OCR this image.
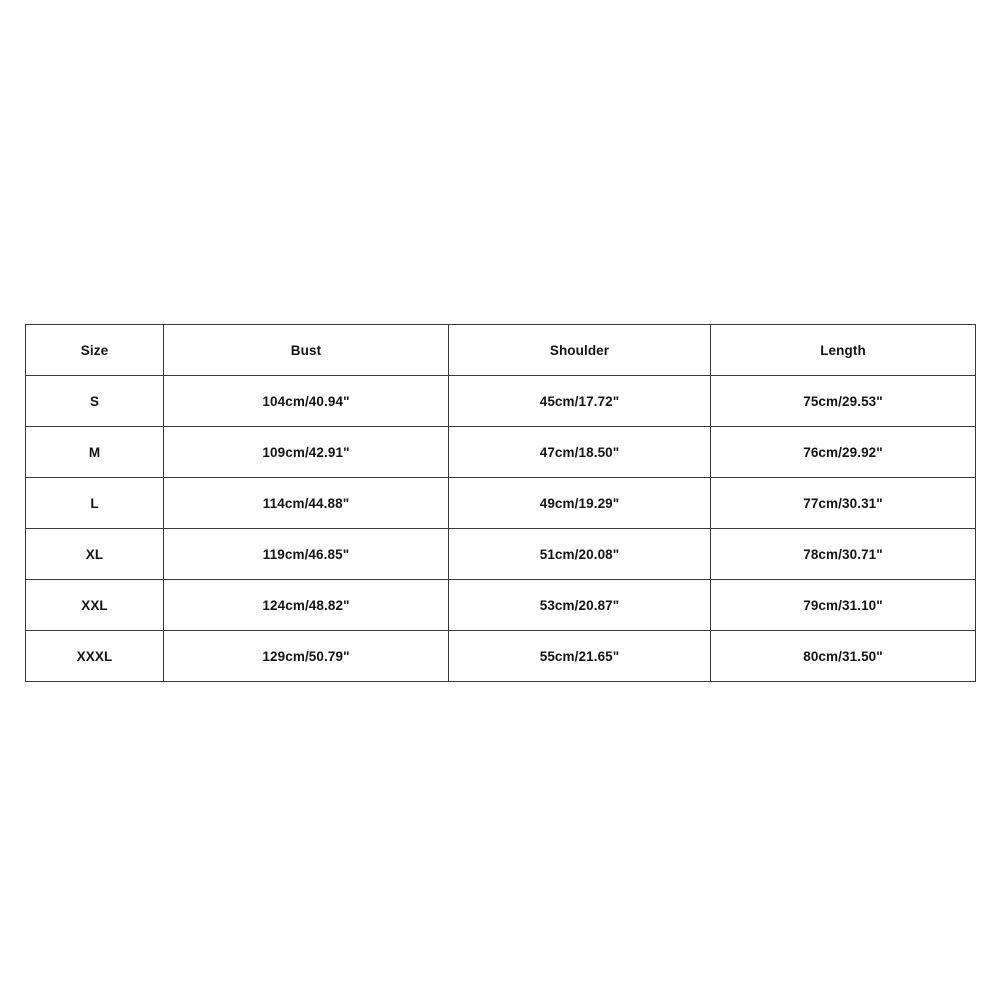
Size	Bust	Shoulder	Length
S	104cm/40.94"	45cm/17.72"	75cm/29.53"
M	109cm/42.91"	47cm/18.50"	76cm/29.92"
L	114cm/44.88"	49cm/19.29"	77cm/30.31"
XL	119cm/46.85"	51cm/20.08"	78cm/30.71"
XXL	124cm/48.82"	53cm/20.87"	79cm/31.10"
XXXL	129cm/50.79"	55cm/21.65"	80cm/31.50"
